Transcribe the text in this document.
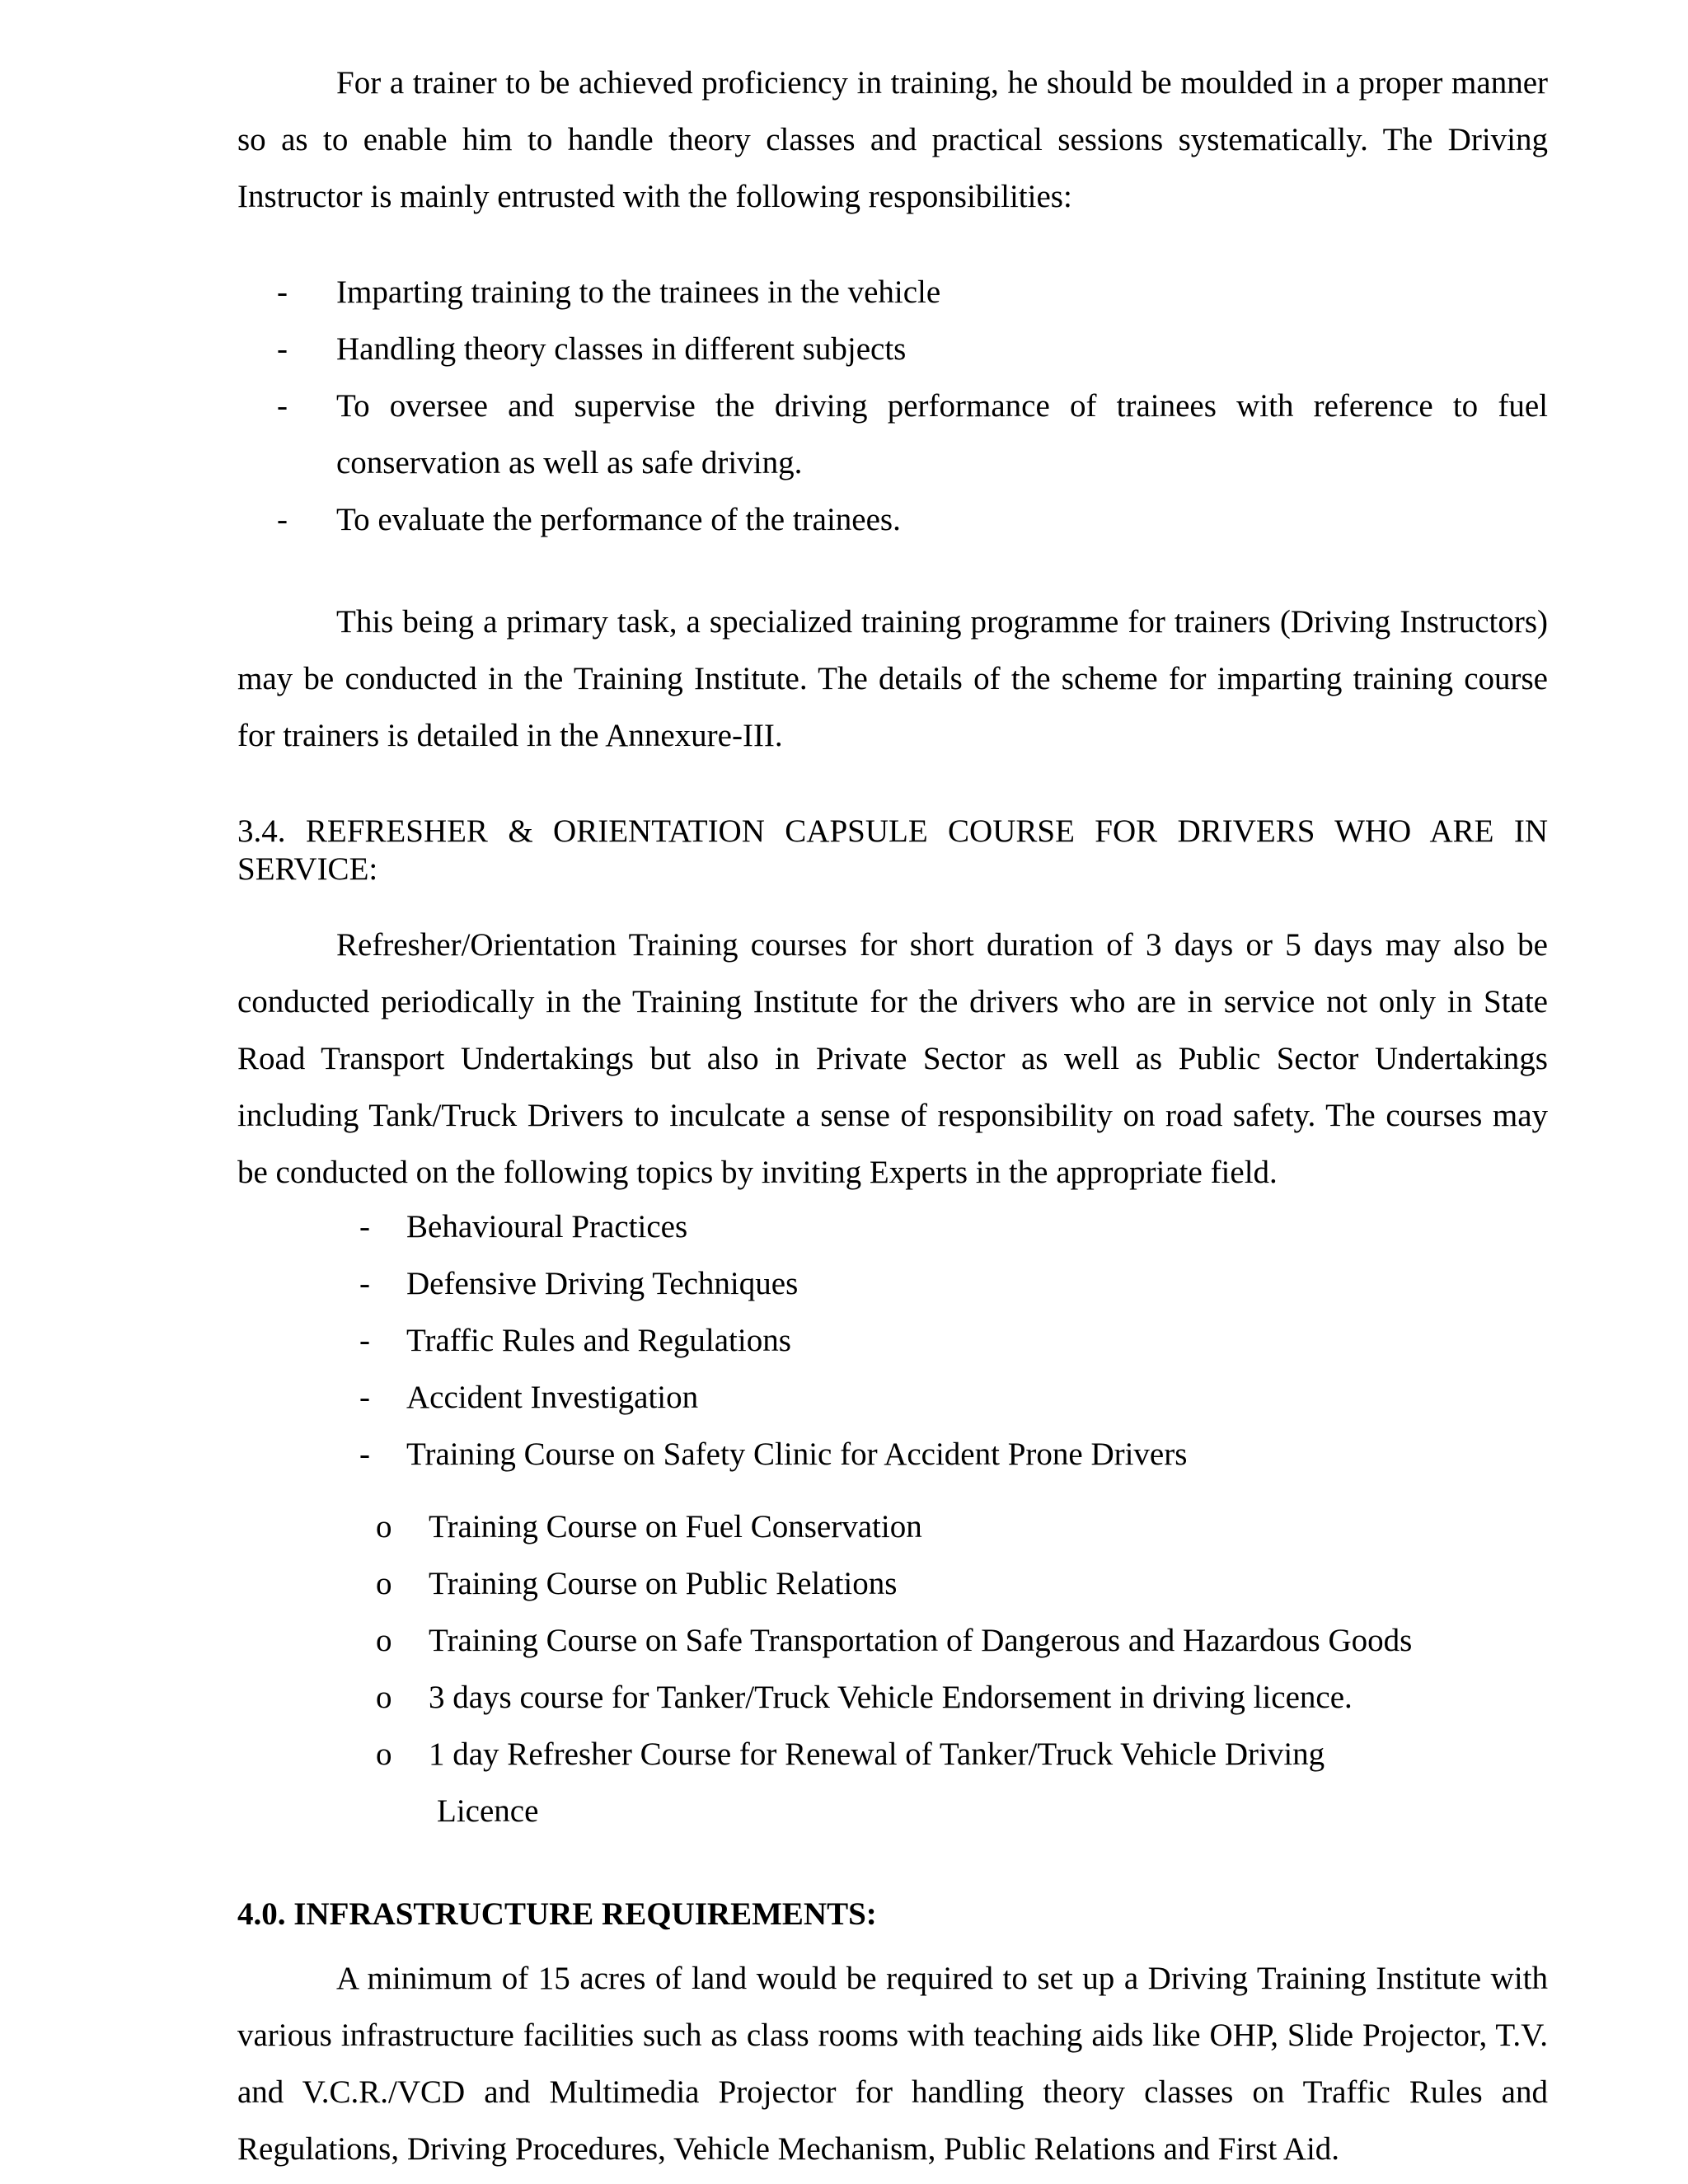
For a trainer to be achieved proficiency in training, he should be moulded in a proper manner so as to enable him to handle theory classes and practical sessions systematically. The Driving Instructor is mainly entrusted with the following responsibilities:

- Imparting training to the trainees in the vehicle
- Handling theory classes in different subjects
- To oversee and supervise the driving performance of trainees with reference to fuel conservation as well as safe driving.
- To evaluate the performance of the trainees.

This being a primary task, a specialized training programme for trainers (Driving Instructors) may be conducted in the Training Institute. The details of the scheme for imparting training course for trainers is detailed in the Annexure-III.

3.4. REFRESHER & ORIENTATION CAPSULE COURSE FOR DRIVERS WHO ARE IN SERVICE:

Refresher/Orientation Training courses for short duration of 3 days or 5 days may also be conducted periodically in the Training Institute for the drivers who are in service not only in State Road Transport Undertakings but also in Private Sector as well as Public Sector Undertakings including Tank/Truck Drivers to inculcate a sense of responsibility on road safety. The courses may be conducted on the following topics by inviting Experts in the appropriate field.

- Behavioural Practices
- Defensive Driving Techniques
- Traffic Rules and Regulations
- Accident Investigation
- Training Course on Safety Clinic for Accident Prone Drivers
o Training Course on Fuel Conservation
o Training Course on Public Relations
o Training Course on Safe Transportation of Dangerous and Hazardous Goods
o 3 days course for Tanker/Truck Vehicle Endorsement in driving licence.
o 1 day Refresher Course for Renewal of Tanker/Truck Vehicle Driving
Licence

4.0. INFRASTRUCTURE REQUIREMENTS:

A minimum of 15 acres of land would be required to set up a Driving Training Institute with various infrastructure facilities such as class rooms with teaching aids like OHP, Slide Projector, T.V. and V.C.R./VCD and Multimedia Projector for handling theory classes on Traffic Rules and Regulations, Driving Procedures, Vehicle Mechanism, Public Relations and First Aid.
